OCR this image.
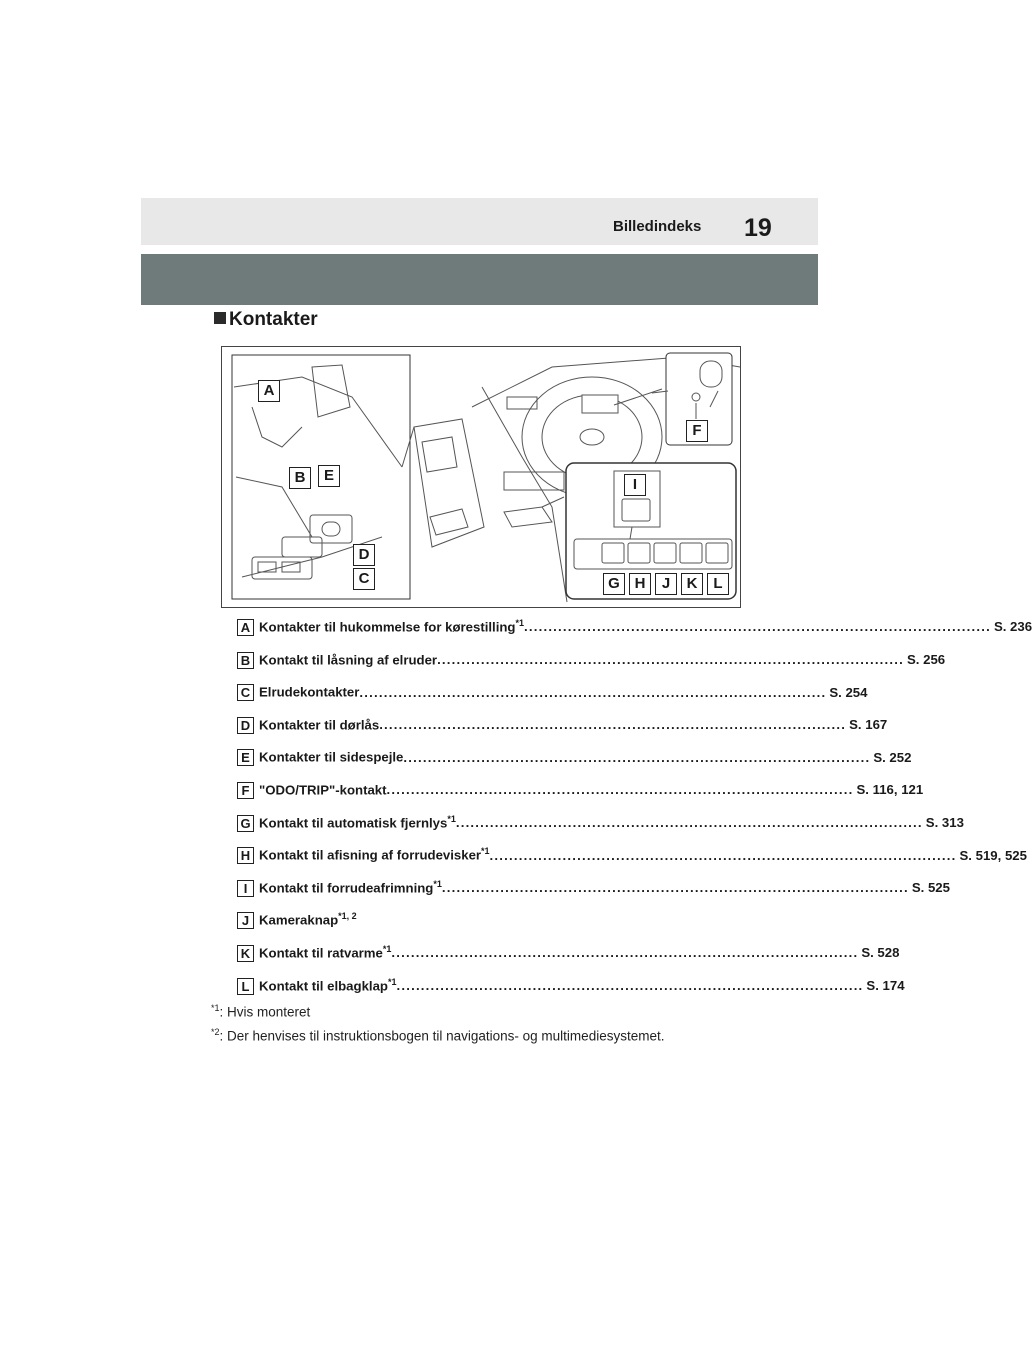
Billedindeks 19
Kontakter
A
B	E
D
C
F
I
G H	J	K	L
A Kontakter til hukommelse for kørestilling$^{*1}$ ................................................................................................ S. 236
B Kontakt til låsning af elruder ................................................................................................ S. 256
C Elrudekontakter ................................................................................................ S. 254
D Kontakter til dørlås ................................................................................................ S. 167
E Kontakter til sidespejle ................................................................................................ S. 252
F "ODO/TRIP"-kontakt ................................................................................................ S. 116, 121
G Kontakt til automatisk fjernlys$^{*1}$ ................................................................................................ S. 313
H Kontakt til afisning af forrudevisker$^{*1}$ ................................................................................................ S. 519, 525
I Kontakt til forrudeafrimning$^{*1}$ ................................................................................................ S. 525
J Kameraknap$^{*1, 2}$
K Kontakt til ratvarme$^{*1}$ ................................................................................................ S. 528
L Kontakt til elbagklap$^{*1}$ ................................................................................................ S. 174
$^{*1}$: Hvis monteret
$^{*2}$: Der henvises til instruktionsbogen til navigations- og multimediesystemet.
